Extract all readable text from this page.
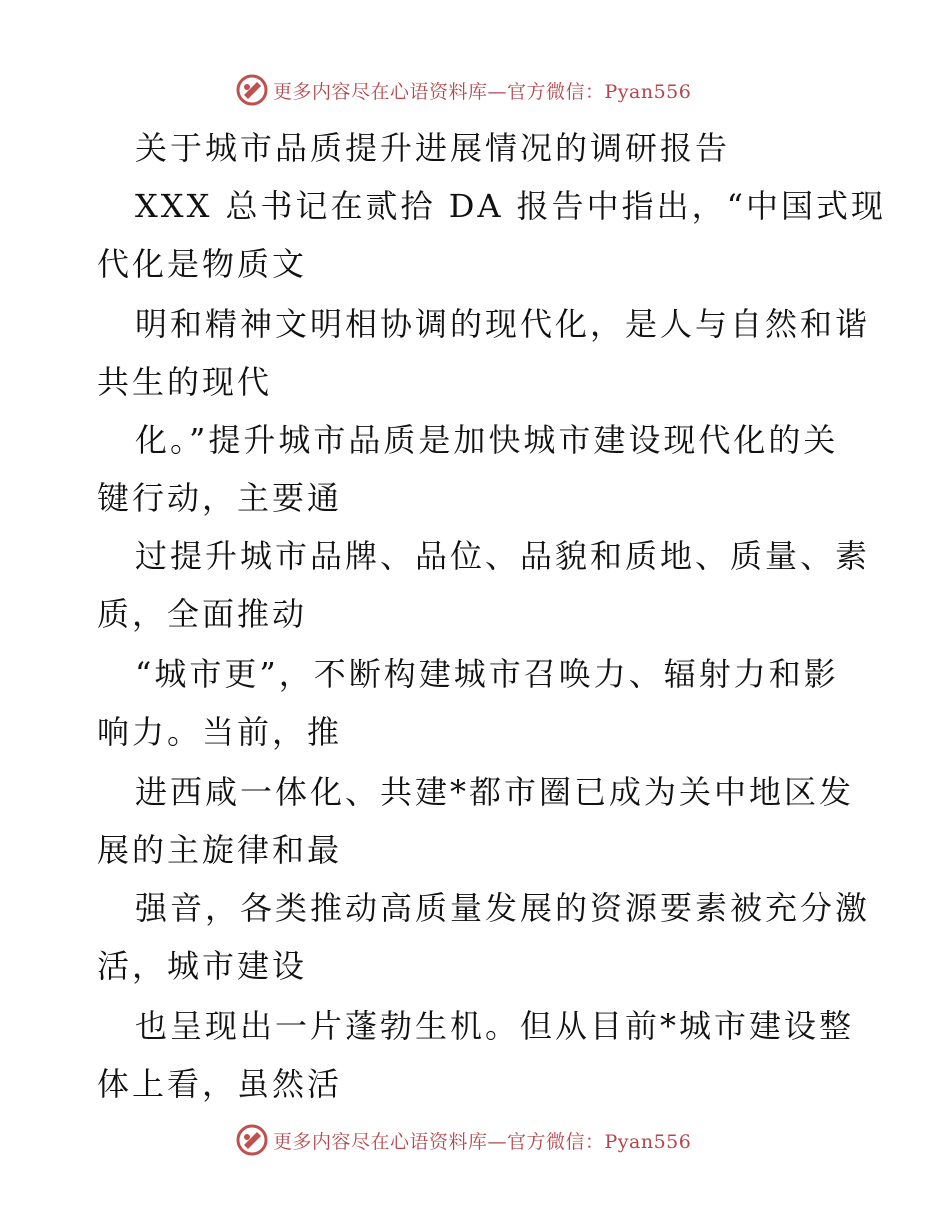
更多内容尽在心语资料库—官方微信：Pyan556
关于城市品质提升进展情况的调研报告
XXX 总书记在贰拾 DA 报告中指出，“中国式现
代化是物质文
明和精神文明相协调的现代化，是人与自然和谐
共生的现代
化。”提升城市品质是加快城市建设现代化的关
键行动，主要通
过提升城市品牌、品位、品貌和质地、质量、素
质，全面推动
“城市更”，不断构建城市召唤力、辐射力和影
响力。当前，推
进西咸一体化、共建*都市圈已成为关中地区发
展的主旋律和最
强音，各类推动高质量发展的资源要素被充分激
活，城市建设
也呈现出一片蓬勃生机。但从目前*城市建设整
体上看，虽然活
更多内容尽在心语资料库—官方微信：Pyan556
